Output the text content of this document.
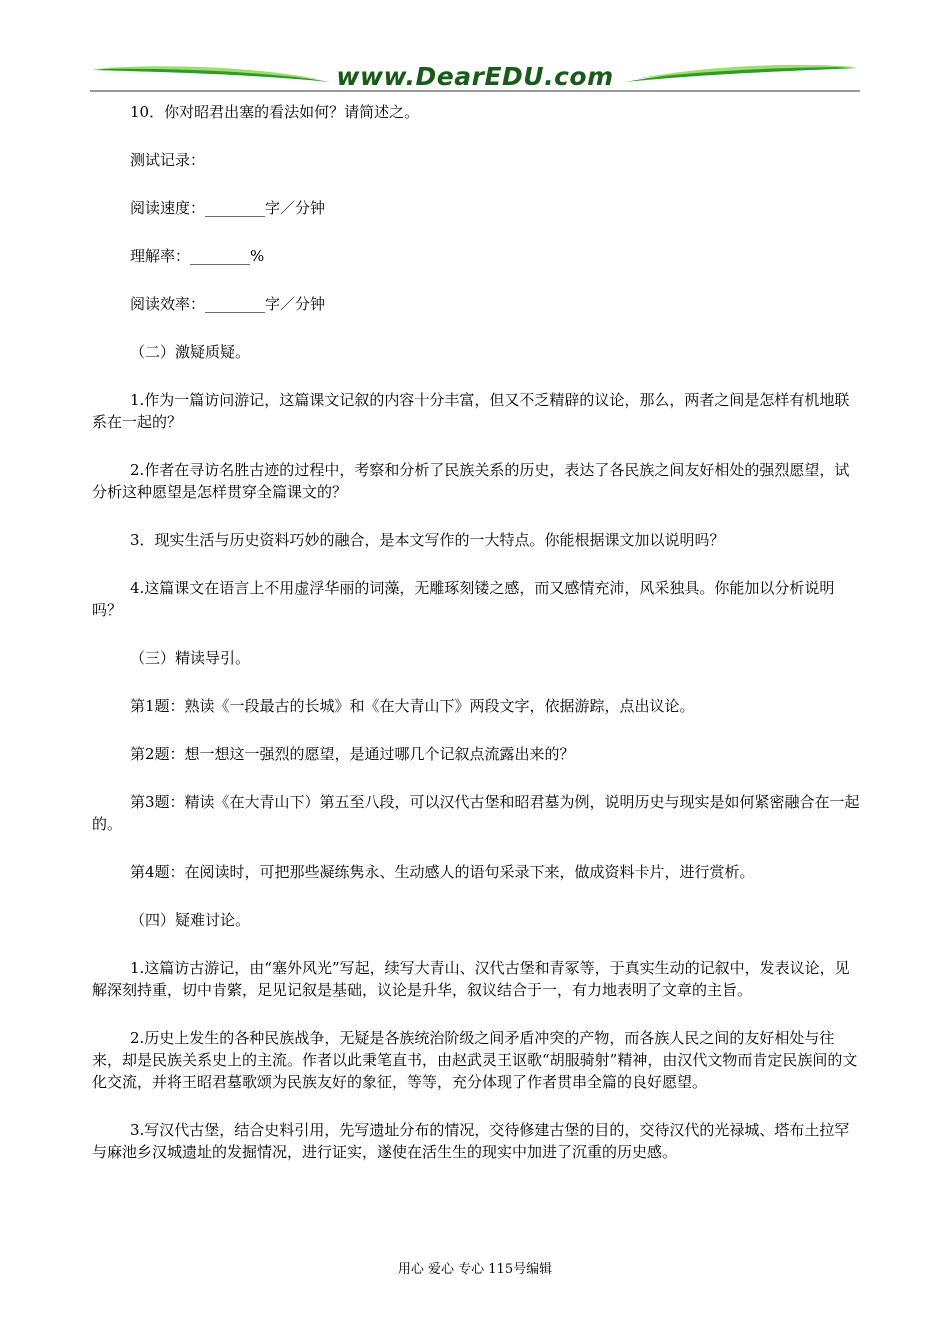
www.DearEDU.com

10．你对昭君出塞的看法如何？请简述之。

测试记录：

阅读速度：________字／分钟

理解率：________%

阅读效率：________字／分钟

（二）激疑质疑。

1.作为一篇访问游记，这篇课文记叙的内容十分丰富，但又不乏精辟的议论，那么，两者之间是怎样有机地联系在一起的？

2.作者在寻访名胜古迹的过程中，考察和分析了民族关系的历史，表达了各民族之间友好相处的强烈愿望，试分析这种愿望是怎样贯穿全篇课文的？

3．现实生活与历史资料巧妙的融合，是本文写作的一大特点。你能根据课文加以说明吗？

4.这篇课文在语言上不用虚浮华丽的词藻，无雕琢刻镂之感，而又感情充沛，风采独具。你能加以分析说明吗？

（三）精读导引。

第1题：熟读《一段最古的长城》和《在大青山下》两段文字，依据游踪，点出议论。

第2题：想一想这一强烈的愿望，是通过哪几个记叙点流露出来的？

第3题：精读《在大青山下）第五至八段，可以汉代古堡和昭君墓为例，说明历史与现实是如何紧密融合在一起的。

第4题：在阅读时，可把那些凝练隽永、生动感人的语句采录下来，做成资料卡片，进行赏析。

（四）疑难讨论。

1.这篇访古游记，由“塞外风光”写起，续写大青山、汉代古堡和青冢等，于真实生动的记叙中，发表议论，见解深刻持重，切中肯綮，足见记叙是基础，议论是升华，叙议结合于一，有力地表明了文章的主旨。

2.历史上发生的各种民族战争，无疑是各族统治阶级之间矛盾冲突的产物，而各族人民之间的友好相处与往来，却是民族关系史上的主流。作者以此秉笔直书，由赵武灵王讴歌“胡服骑射”精神，由汉代文物而肯定民族间的文化交流，并将王昭君墓歌颂为民族友好的象征，等等，充分体现了作者贯串全篇的良好愿望。

3.写汉代古堡，结合史料引用，先写遗址分布的情况，交待修建古堡的目的，交待汉代的光禄城、塔布土拉罕与麻池乡汉城遗址的发掘情况，进行证实，遂使在活生生的现实中加进了沉重的历史感。

用心 爱心 专心 115号编辑
